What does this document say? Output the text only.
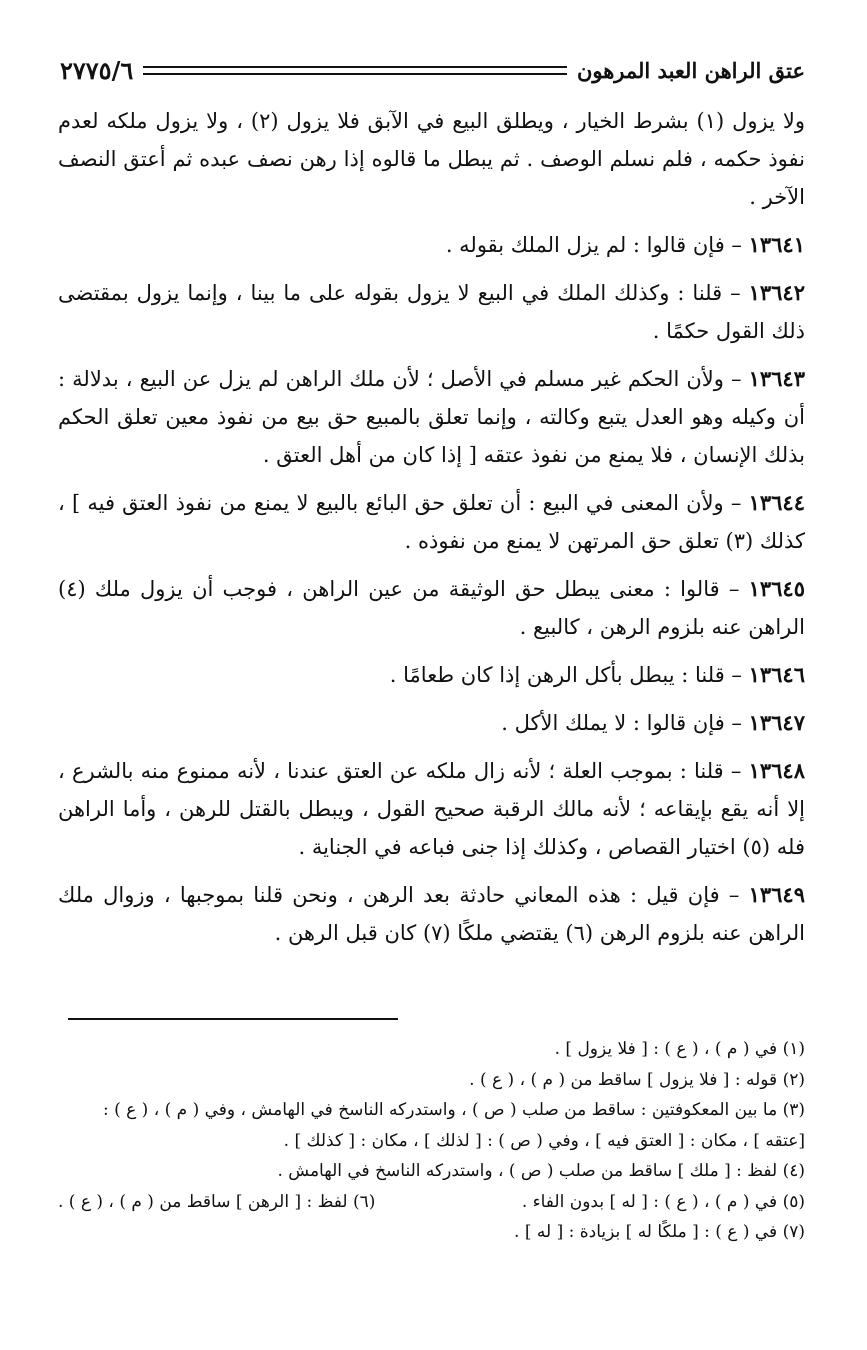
عتق الراهن العبد المرهون
٢٧٧٥/٦

ولا يزول (١) بشرط الخيار ، ويطلق البيع في الآبق فلا يزول (٢) ، ولا يزول ملكه لعدم نفوذ حكمه ، فلم نسلم الوصف . ثم يبطل ما قالوه إذا رهن نصف عبده ثم أعتق النصف الآخر .

١٣٦٤١ – فإن قالوا : لم يزل الملك بقوله .

١٣٦٤٢ – قلنا : وكذلك الملك في البيع لا يزول بقوله على ما بينا ، وإنما يزول بمقتضى ذلك القول حكمًا .

١٣٦٤٣ – ولأن الحكم غير مسلم في الأصل ؛ لأن ملك الراهن لم يزل عن البيع ، بدلالة : أن وكيله وهو العدل يتبع وكالته ، وإنما تعلق بالمبيع حق بيع من نفوذ معين تعلق الحكم بذلك الإنسان ، فلا يمنع من نفوذ عتقه [ إذا كان من أهل العتق .

١٣٦٤٤ – ولأن المعنى في البيع : أن تعلق حق البائع بالبيع لا يمنع من نفوذ العتق فيه ] ، كذلك (٣) تعلق حق المرتهن لا يمنع من نفوذه .

١٣٦٤٥ – قالوا : معنى يبطل حق الوثيقة من عين الراهن ، فوجب أن يزول ملك (٤) الراهن عنه بلزوم الرهن ، كالبيع .

١٣٦٤٦ – قلنا : يبطل بأكل الرهن إذا كان طعامًا .

١٣٦٤٧ – فإن قالوا : لا يملك الأكل .

١٣٦٤٨ – قلنا : بموجب العلة ؛ لأنه زال ملكه عن العتق عندنا ، لأنه ممنوع منه بالشرع ، إلا أنه يقع بإيقاعه ؛ لأنه مالك الرقبة صحيح القول ، ويبطل بالقتل للرهن ، وأما الراهن فله (٥) اختيار القصاص ، وكذلك إذا جنى فباعه في الجناية .

١٣٦٤٩ – فإن قيل : هذه المعاني حادثة بعد الرهن ، ونحن قلنا بموجبها ، وزوال ملك الراهن عنه بلزوم الرهن (٦) يقتضي ملكًا (٧) كان قبل الرهن .

(١) في ( م ) ، ( ع ) : [ فلا يزول ] .

(٢) قوله : [ فلا يزول ] ساقط من ( م ) ، ( ع ) .

(٣) ما بين المعكوفتين : ساقط من صلب ( ص ) ، واستدركه الناسخ في الهامش ، وفي ( م ) ، ( ع ) : [عتقه ] ، مكان : [ العتق فيه ] ، وفي ( ص ) : [ لذلك ] ، مكان : [ كذلك ] .

(٤) لفظ : [ ملك ] ساقط من صلب ( ص ) ، واستدركه الناسخ في الهامش .

(٥) في ( م ) ، ( ع ) : [ له ] بدون الفاء .
(٦) لفظ : [ الرهن ] ساقط من ( م ) ، ( ع ) .

(٧) في ( ع ) : [ ملكًا له ] بزيادة : [ له ] .
